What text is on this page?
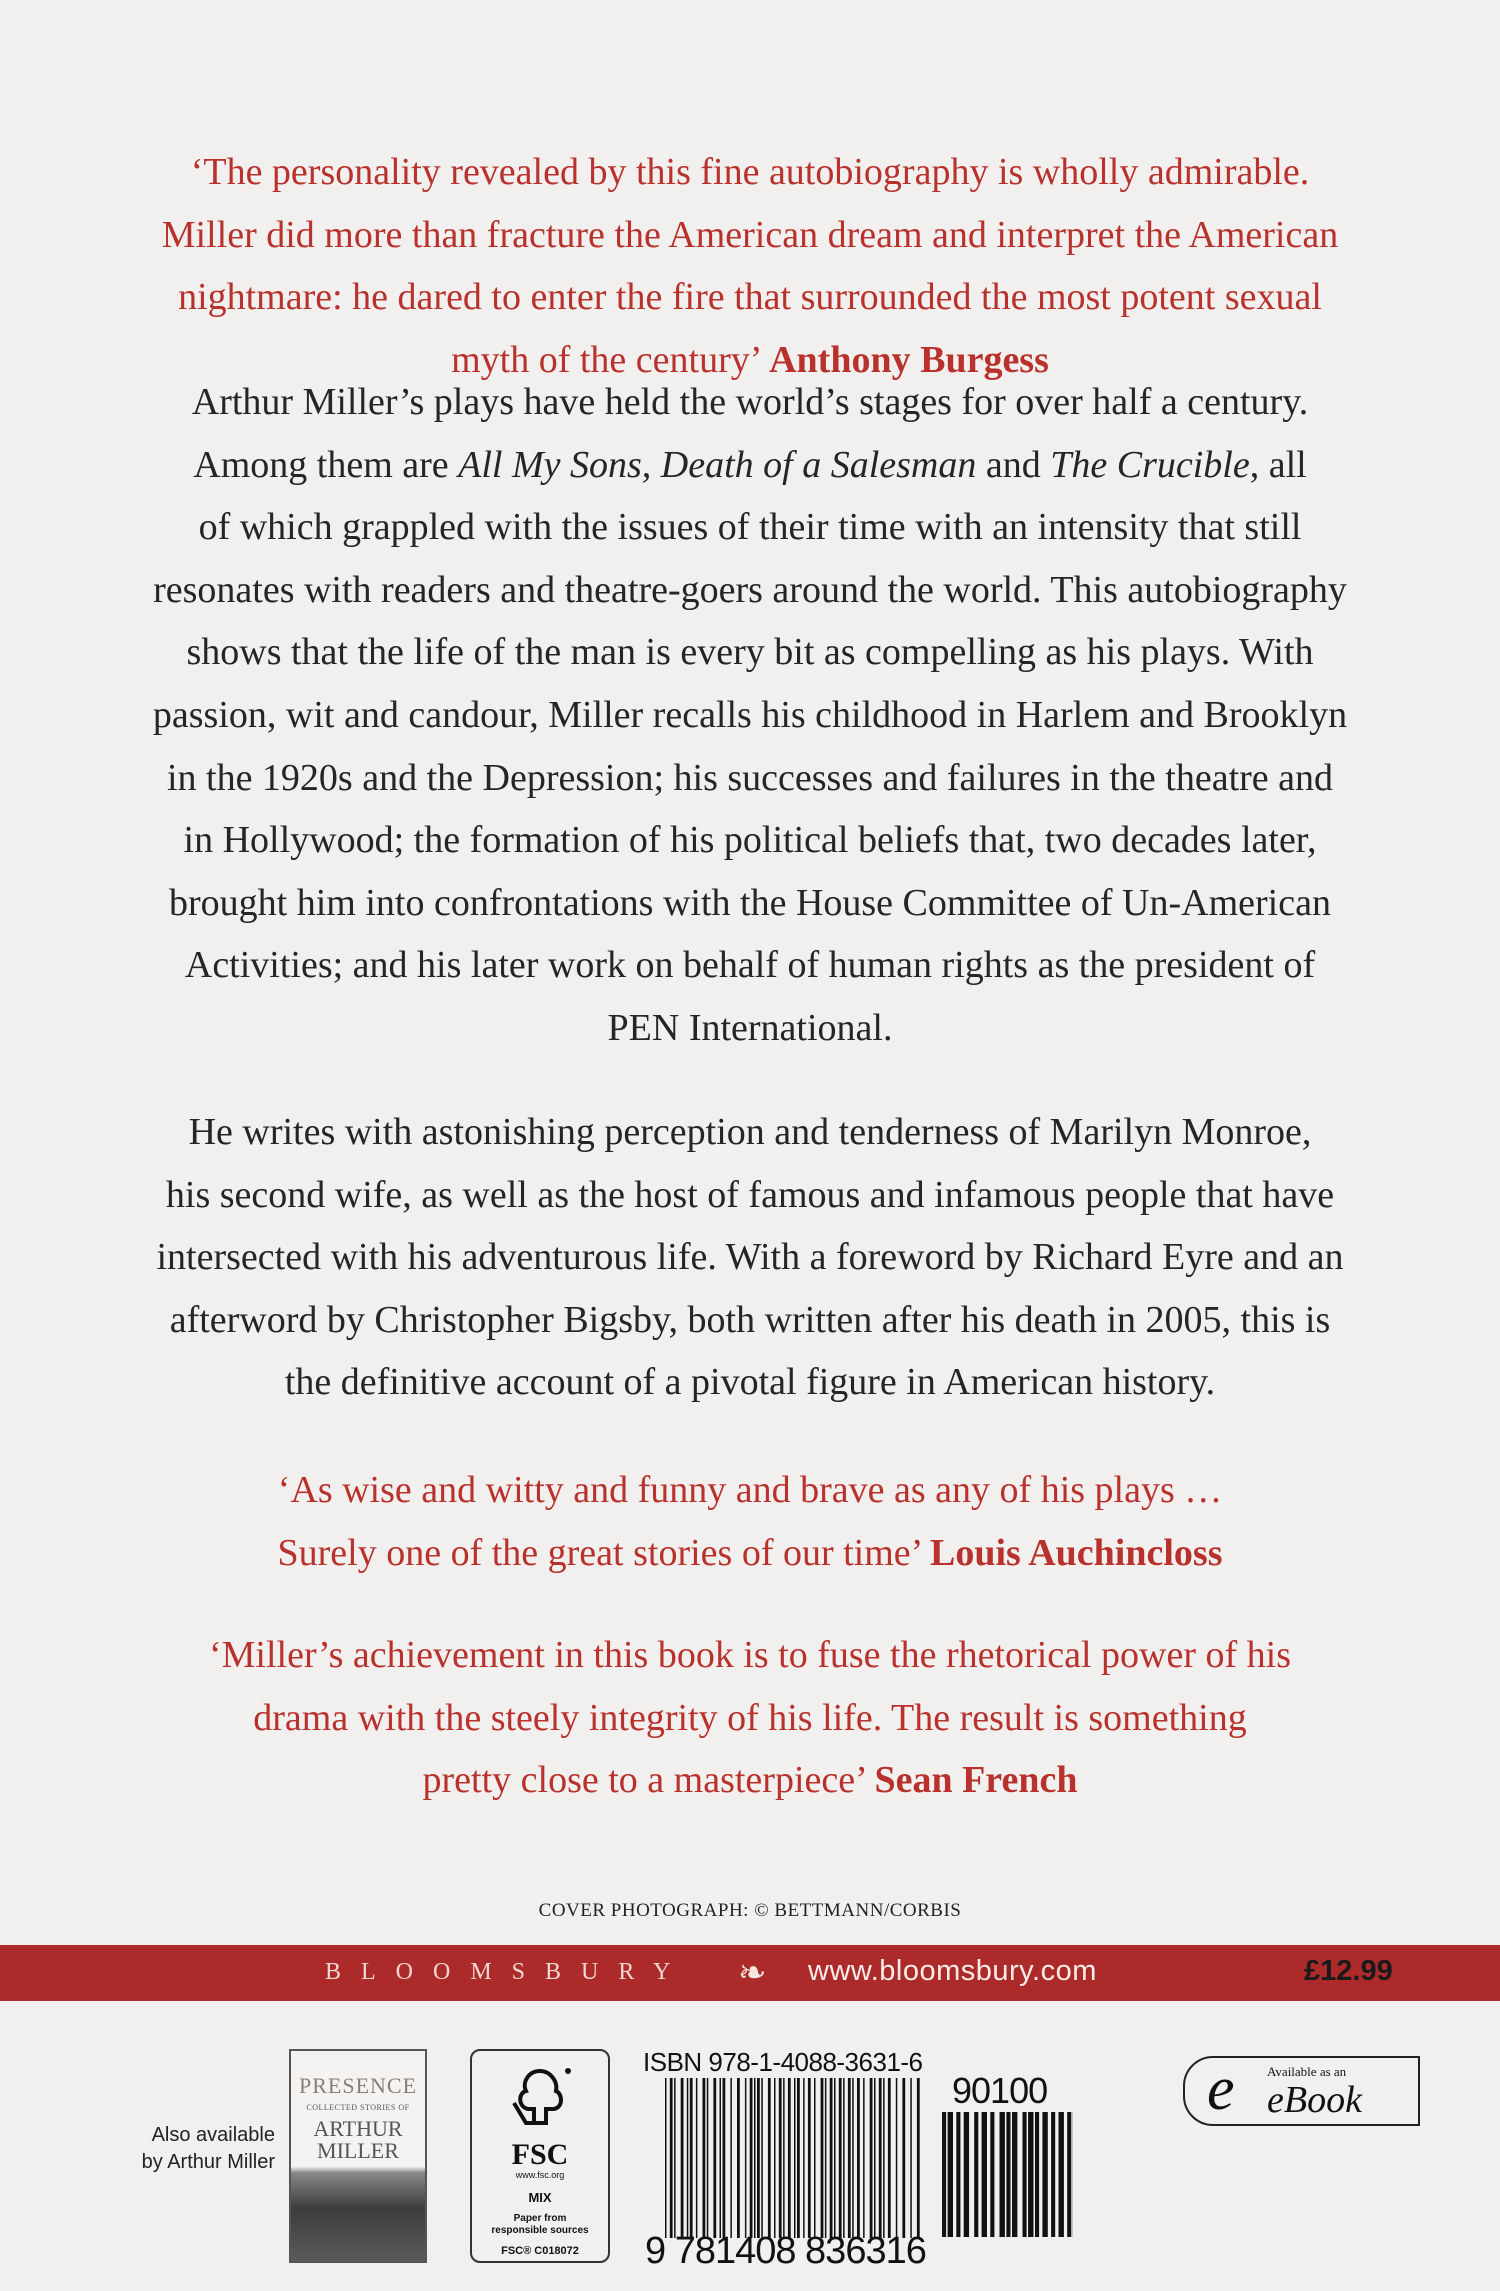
‘The personality revealed by this fine autobiography is wholly admirable.
Miller did more than fracture the American dream and interpret the American
nightmare: he dared to enter the fire that surrounded the most potent sexual
myth of the century’ Anthony Burgess
Arthur Miller’s plays have held the world’s stages for over half a century.
Among them are All My Sons, Death of a Salesman and The Crucible, all
of which grappled with the issues of their time with an intensity that still
resonates with readers and theatre-goers around the world. This autobiography
shows that the life of the man is every bit as compelling as his plays. With
passion, wit and candour, Miller recalls his childhood in Harlem and Brooklyn
in the 1920s and the Depression; his successes and failures in the theatre and
in Hollywood; the formation of his political beliefs that, two decades later,
brought him into confrontations with the House Committee of Un-American
Activities; and his later work on behalf of human rights as the president of
PEN International.
He writes with astonishing perception and tenderness of Marilyn Monroe,
his second wife, as well as the host of famous and infamous people that have
intersected with his adventurous life. With a foreword by Richard Eyre and an
afterword by Christopher Bigsby, both written after his death in 2005, this is
the definitive account of a pivotal figure in American history.
‘As wise and witty and funny and brave as any of his plays …
Surely one of the great stories of our time’ Louis Auchincloss
‘Miller’s achievement in this book is to fuse the rhetorical power of his
drama with the steely integrity of his life. The result is something
pretty close to a masterpiece’ Sean French
COVER PHOTOGRAPH: © BETTMANN/CORBIS
BLOOMSBURY ❧ www.bloomsbury.com	£12.99
Also available
by Arthur Miller
PRESENCE
COLLECTED STORIES OF
ARTHUR
MILLER	FSC
www.fsc.org
MIX
Paper from
responsible sources
FSC® C018072
ISBN 978-1-4088-3631-6
9 781408 836316
90100	e Available as an
eBook
